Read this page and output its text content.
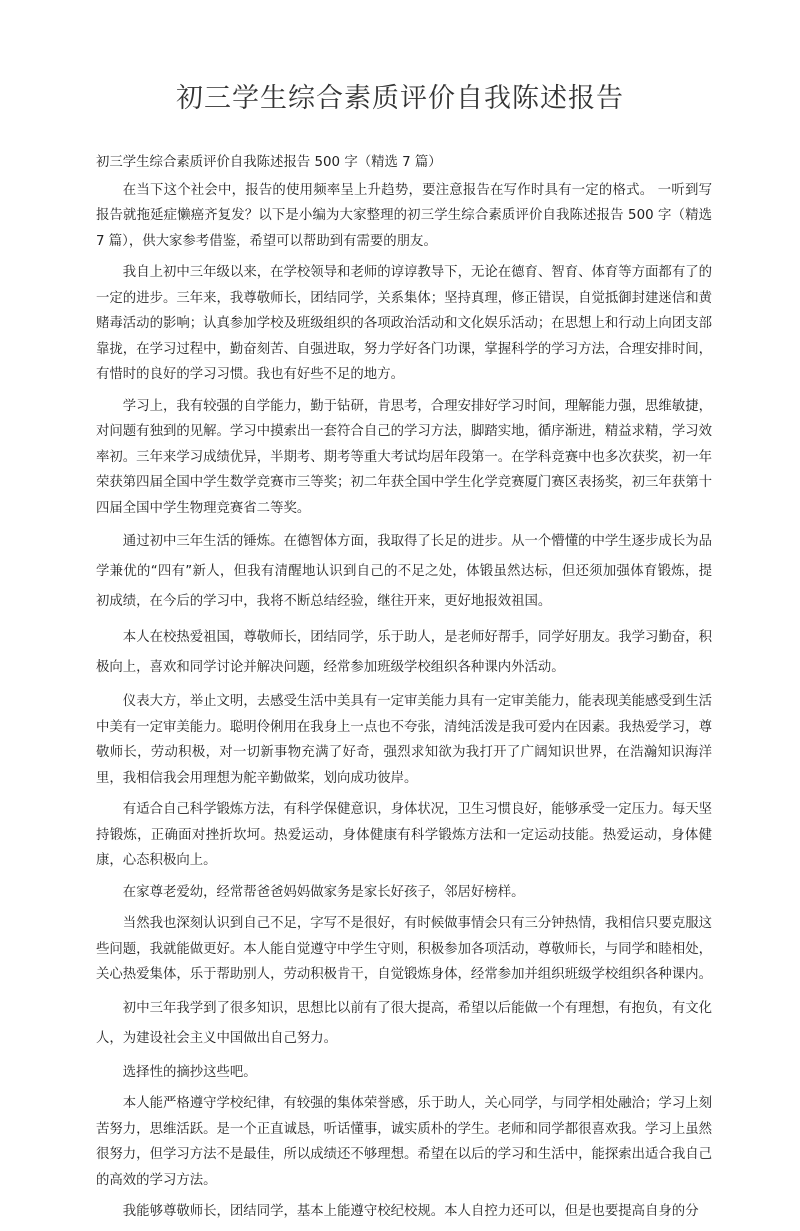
初三学生综合素质评价自我陈述报告

初三学生综合素质评价自我陈述报告 500 字（精选 7 篇）

在当下这个社会中，报告的使用频率呈上升趋势，要注意报告在写作时具有一定的格式。 一听到写报告就拖延症懒癌齐复发？以下是小编为大家整理的初三学生综合素质评价自我陈述报告 500 字（精选 7 篇），供大家参考借鉴，希望可以帮助到有需要的朋友。

我自上初中三年级以来，在学校领导和老师的谆谆教导下，无论在德育、智育、体育等方面都有了的一定的进步。三年来，我尊敬师长，团结同学，关系集体；坚持真理，修正错误，自觉抵御封建迷信和黄赌毒活动的影响；认真参加学校及班级组织的各项政治活动和文化娱乐活动；在思想上和行动上向团支部靠拢，在学习过程中，勤奋刻苦、自强进取，努力学好各门功课，掌握科学的学习方法，合理安排时间，有惜时的良好的学习习惯。我也有好些不足的地方。

学习上，我有较强的自学能力，勤于钻研，肯思考，合理安排好学习时间，理解能力强，思维敏捷，对问题有独到的见解。学习中摸索出一套符合自己的学习方法，脚踏实地，循序渐进，精益求精，学习效率初。三年来学习成绩优异，半期考、期考等重大考试均居年段第一。在学科竞赛中也多次获奖，初一年荣获第四届全国中学生数学竞赛市三等奖；初二年获全国中学生化学竞赛厦门赛区表扬奖，初三年获第十四届全国中学生物理竞赛省二等奖。

通过初中三年生活的锤炼。在德智体方面，我取得了长足的进步。从一个懵懂的中学生逐步成长为品学兼优的“四有”新人，但我有清醒地认识到自己的不足之处，体锻虽然达标，但还须加强体育锻炼，提初成绩，在今后的学习中，我将不断总结经验，继往开来，更好地报效祖国。

本人在校热爱祖国，尊敬师长，团结同学，乐于助人，是老师好帮手，同学好朋友。我学习勤奋，积极向上，喜欢和同学讨论并解决问题，经常参加班级学校组织各种课内外活动。

仪表大方，举止文明，去感受生活中美具有一定审美能力具有一定审美能力，能表现美能感受到生活中美有一定审美能力。聪明伶俐用在我身上一点也不夸张，清纯活泼是我可爱内在因素。我热爱学习，尊敬师长，劳动积极，对一切新事物充满了好奇，强烈求知欲为我打开了广阔知识世界，在浩瀚知识海洋里，我相信我会用理想为舵辛勤做桨，划向成功彼岸。

有适合自己科学锻炼方法，有科学保健意识，身体状况，卫生习惯良好，能够承受一定压力。每天坚持锻炼，正确面对挫折坎坷。热爱运动，身体健康有科学锻炼方法和一定运动技能。热爱运动，身体健康，心态积极向上。

在家尊老爱幼，经常帮爸爸妈妈做家务是家长好孩子，邻居好榜样。

当然我也深刻认识到自己不足，字写不是很好，有时候做事情会只有三分钟热情，我相信只要克服这些问题，我就能做更好。本人能自觉遵守中学生守则，积极参加各项活动，尊敬师长，与同学和睦相处，关心热爱集体，乐于帮助别人，劳动积极肯干，自觉锻炼身体，经常参加并组织班级学校组织各种课内。

初中三年我学到了很多知识，思想比以前有了很大提高，希望以后能做一个有理想，有抱负，有文化人，为建设社会主义中国做出自己努力。

选择性的摘抄这些吧。

本人能严格遵守学校纪律，有较强的集体荣誉感，乐于助人，关心同学，与同学相处融洽；学习上刻苦努力，思维活跃。是一个正直诚恳，听话懂事，诚实质朴的学生。老师和同学都很喜欢我。学习上虽然很努力，但学习方法不是最佳，所以成绩还不够理想。希望在以后的学习和生活中，能探索出适合我自己的高效的学习方法。

我能够尊敬师长，团结同学，基本上能遵守校纪校规。本人自控力还可以，但是也要提高自身的分
